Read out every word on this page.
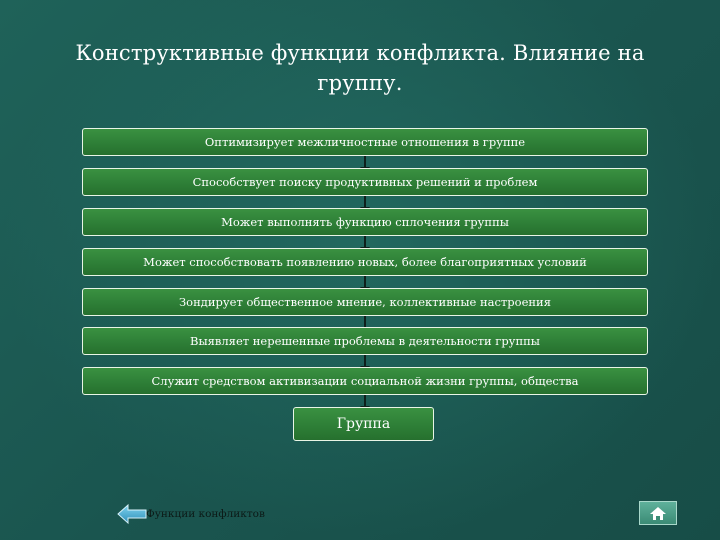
Конструктивные функции конфликта. Влияние на группу.
Оптимизирует межличностные отношения в группе
Способствует поиску продуктивных решений и проблем
Может выполнять функцию сплочения группы
Может способствовать появлению новых, более благоприятных условий
Зондирует общественное мнение, коллективные настроения
Выявляет нерешенные проблемы в деятельности группы
Служит средством активизации социальной жизни группы, общества
Группа
Функции конфликтов
